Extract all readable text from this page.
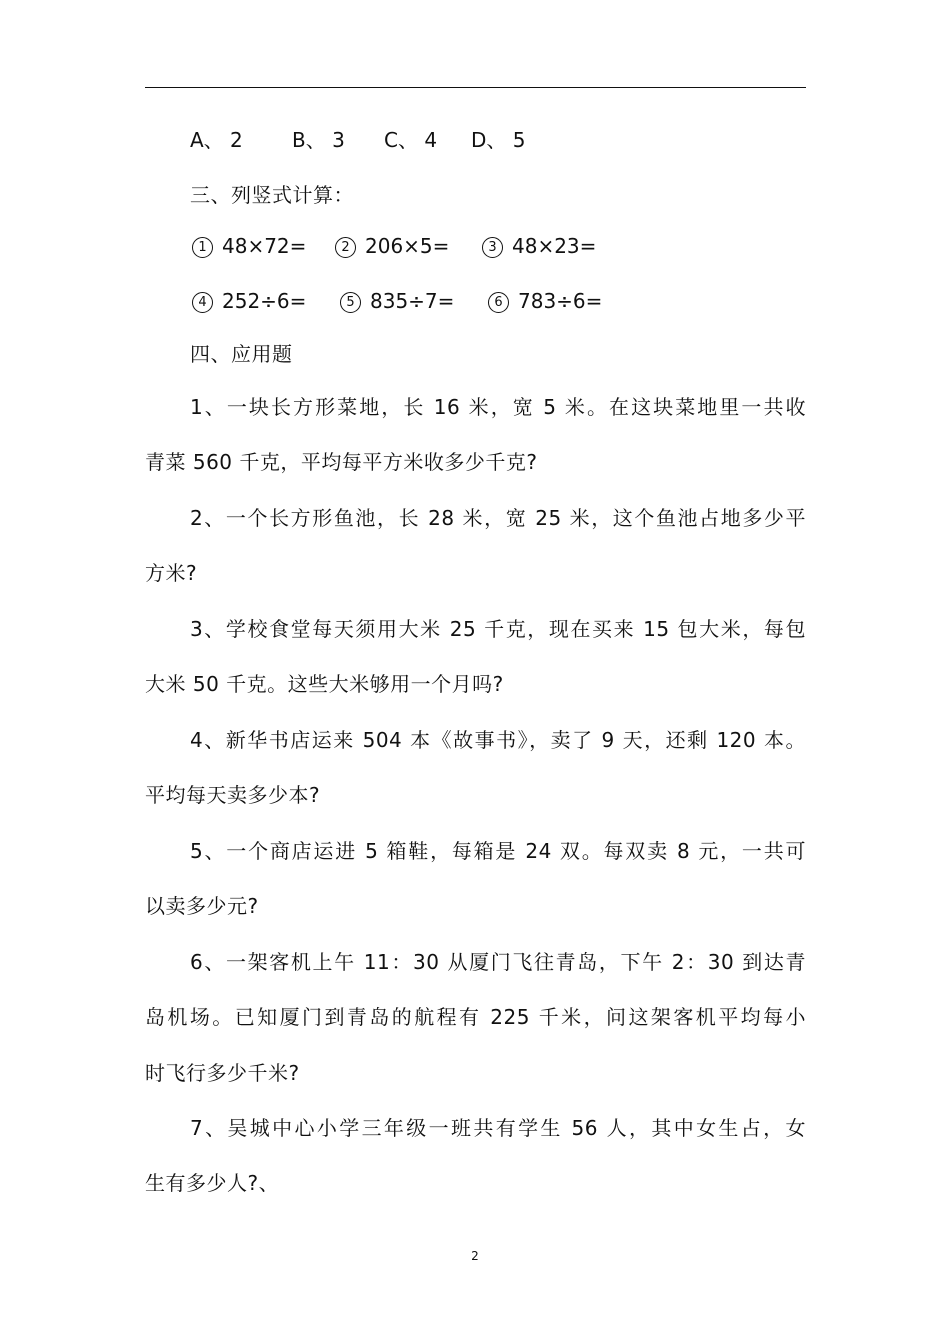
A、 2 B、 3 C、 4 D、 5
三、列竖式计算：
1 48×72=	2 206×5=	3 48×23=
4 252÷6=	5 835÷7=	6 783÷6=
四、应用题
1、一块长方形菜地，长 16 米，宽 5 米。在这块菜地里一共收
青菜 560 千克，平均每平方米收多少千克?
2、一个长方形鱼池，长 28 米，宽 25 米，这个鱼池占地多少平
方米?
3、学校食堂每天须用大米 25 千克，现在买来 15 包大米，每包
大米 50 千克。这些大米够用一个月吗?
4、新华书店运来 504 本《故事书》，卖了 9 天，还剩 120 本。
平均每天卖多少本?
5、一个商店运进 5 箱鞋，每箱是 24 双。每双卖 8 元，一共可
以卖多少元?
6、一架客机上午 11：30 从厦门飞往青岛，下午 2：30 到达青
岛机场。已知厦门到青岛的航程有 225 千米，问这架客机平均每小
时飞行多少千米?
7、吴城中心小学三年级一班共有学生 56 人，其中女生占，女
生有多少人?、
2
